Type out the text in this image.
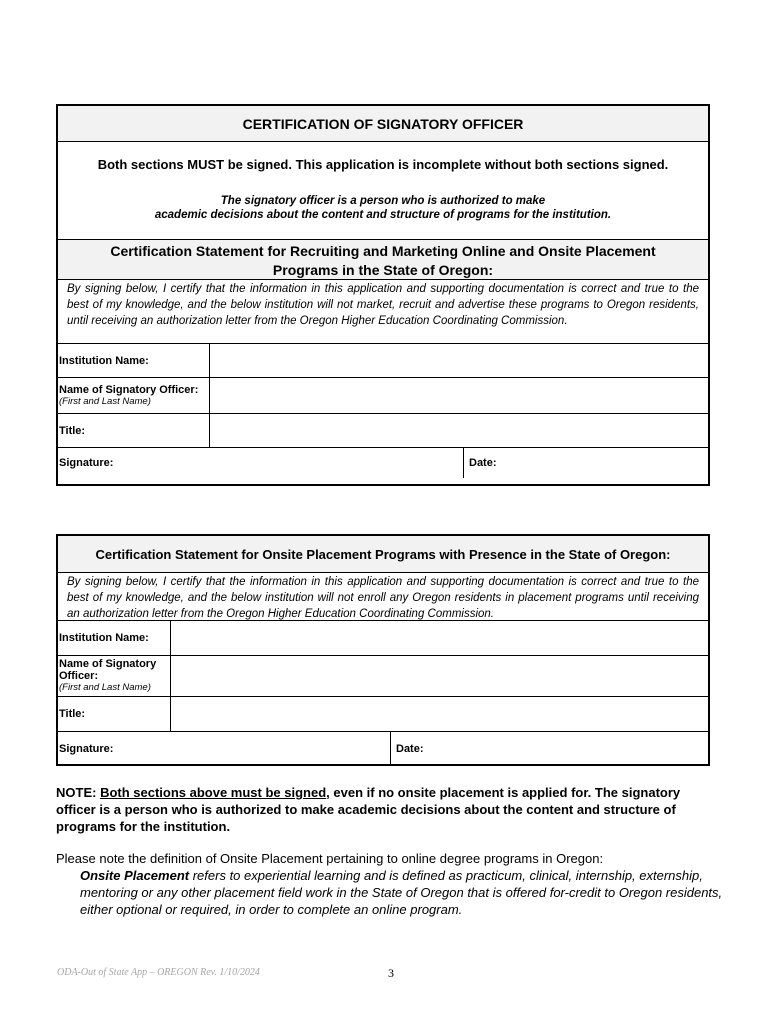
CERTIFICATION OF SIGNATORY OFFICER
Both sections MUST be signed. This application is incomplete without both sections signed.
The signatory officer is a person who is authorized to make
academic decisions about the content and structure of programs for the institution.
Certification Statement for Recruiting and Marketing Online and Onsite Placement
Programs in the State of Oregon:
By signing below, I certify that the information in this application and supporting documentation is correct and true to the best of my knowledge, and the below institution will not market, recruit and advertise these programs to Oregon residents, until receiving an authorization letter from the Oregon Higher Education Coordinating Commission.
Institution Name:
Name of Signatory Officer:
(First and Last Name)
Title:
Signature:	Date:
Certification Statement for Onsite Placement Programs with Presence in the State of Oregon:
By signing below, I certify that the information in this application and supporting documentation is correct and true to the best of my knowledge, and the below institution will not enroll any Oregon residents in placement programs until receiving an authorization letter from the Oregon Higher Education Coordinating Commission.
Institution Name:
Name of Signatory
Officer:
(First and Last Name)
Title:
Signature:	Date:
NOTE: Both sections above must be signed, even if no onsite placement is applied for. The signatory officer is a person who is authorized to make academic decisions about the content and structure of programs for the institution.
Please note the definition of Onsite Placement pertaining to online degree programs in Oregon:
Onsite Placement refers to experiential learning and is defined as practicum, clinical, internship, externship, mentoring or any other placement field work in the State of Oregon that is offered for-credit to Oregon residents, either optional or required, in order to complete an online program.
ODA-Out of State App – OREGON Rev. 1/10/2024	3
